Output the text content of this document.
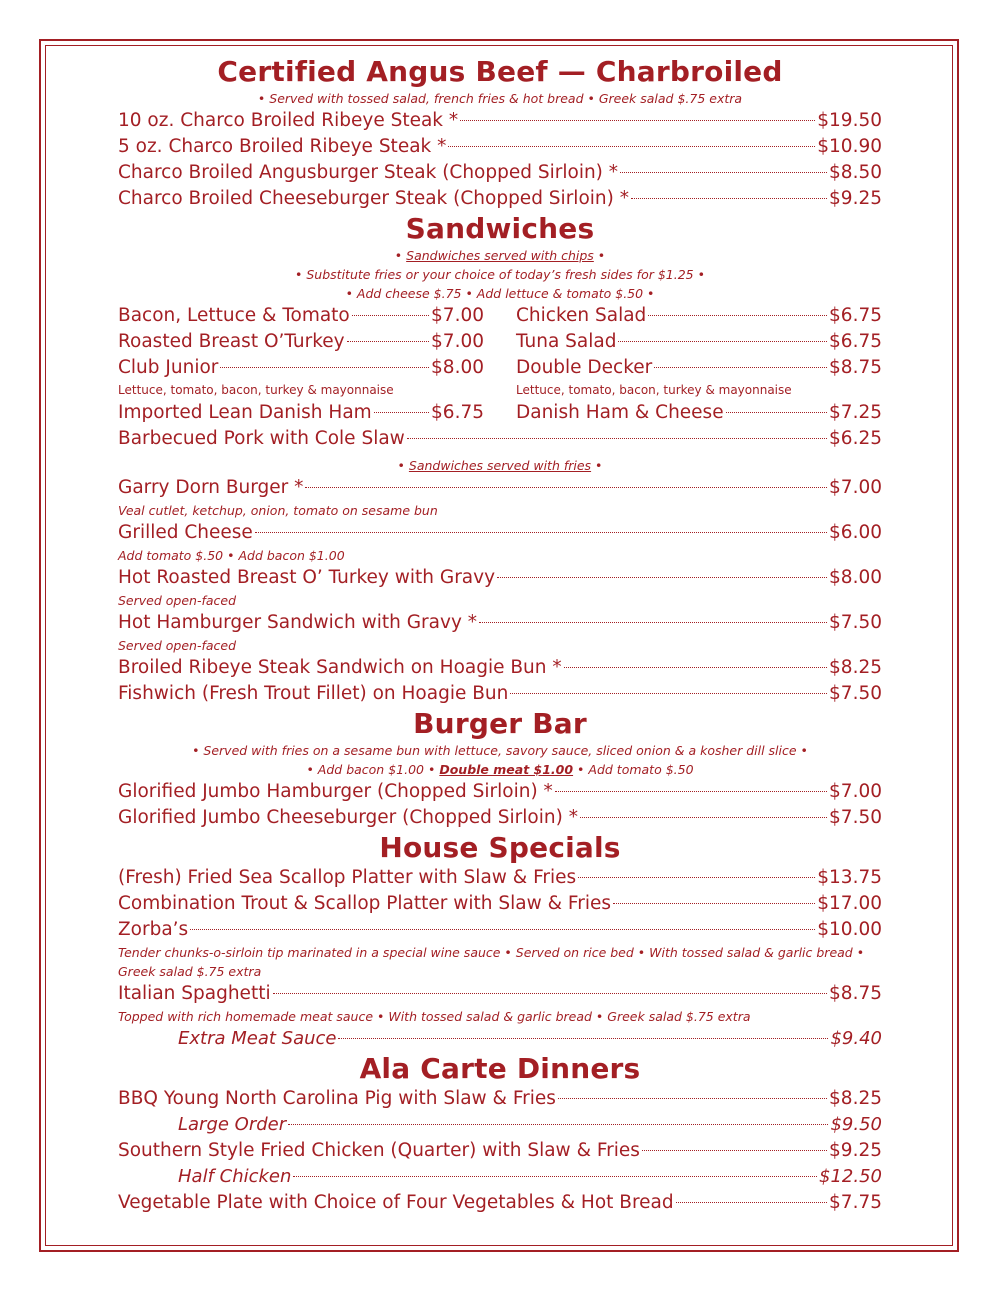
Certified Angus Beef — Charbroiled
• Served with tossed salad, french fries & hot bread • Greek salad $.75 extra
10 oz. Charco Broiled Ribeye Steak *	$19.50
5 oz. Charco Broiled Ribeye Steak *	$10.90
Charco Broiled Angusburger Steak (Chopped Sirloin) *	$8.50
Charco Broiled Cheeseburger Steak (Chopped Sirloin) *	$9.25
Sandwiches
• Sandwiches served with chips •
• Substitute fries or your choice of today’s fresh sides for $1.25 •
• Add cheese $.75 • Add lettuce & tomato $.50 •
Bacon, Lettuce & Tomato	$7.00
Roasted Breast O’Turkey	$7.00
Club Junior	$8.00
Lettuce, tomato, bacon, turkey & mayonnaise
Imported Lean Danish Ham	$6.75
Chicken Salad	$6.75
Tuna Salad	$6.75
Double Decker	$8.75
Lettuce, tomato, bacon, turkey & mayonnaise
Danish Ham & Cheese	$7.25
Barbecued Pork with Cole Slaw	$6.25
• Sandwiches served with fries •
Garry Dorn Burger *	$7.00
Veal cutlet, ketchup, onion, tomato on sesame bun
Grilled Cheese	$6.00
Add tomato $.50 • Add bacon $1.00
Hot Roasted Breast O’ Turkey with Gravy	$8.00
Served open-faced
Hot Hamburger Sandwich with Gravy *	$7.50
Served open-faced
Broiled Ribeye Steak Sandwich on Hoagie Bun *	$8.25
Fishwich (Fresh Trout Fillet) on Hoagie Bun	$7.50
Burger Bar
• Served with fries on a sesame bun with lettuce, savory sauce, sliced onion & a kosher dill slice •
• Add bacon $1.00 • Double meat $1.00 • Add tomato $.50
Glorified Jumbo Hamburger (Chopped Sirloin) *	$7.00
Glorified Jumbo Cheeseburger (Chopped Sirloin) *	$7.50
House Specials
(Fresh) Fried Sea Scallop Platter with Slaw & Fries	$13.75
Combination Trout & Scallop Platter with Slaw & Fries	$17.00
Zorba’s	$10.00
Tender chunks-o-sirloin tip marinated in a special wine sauce • Served on rice bed • With tossed salad & garlic bread • Greek salad $.75 extra
Italian Spaghetti	$8.75
Topped with rich homemade meat sauce • With tossed salad & garlic bread • Greek salad $.75 extra
Extra Meat Sauce	$9.40
Ala Carte Dinners
BBQ Young North Carolina Pig with Slaw & Fries	$8.25
Large Order	$9.50
Southern Style Fried Chicken (Quarter) with Slaw & Fries	$9.25
Half Chicken	$12.50
Vegetable Plate with Choice of Four Vegetables & Hot Bread	$7.75
